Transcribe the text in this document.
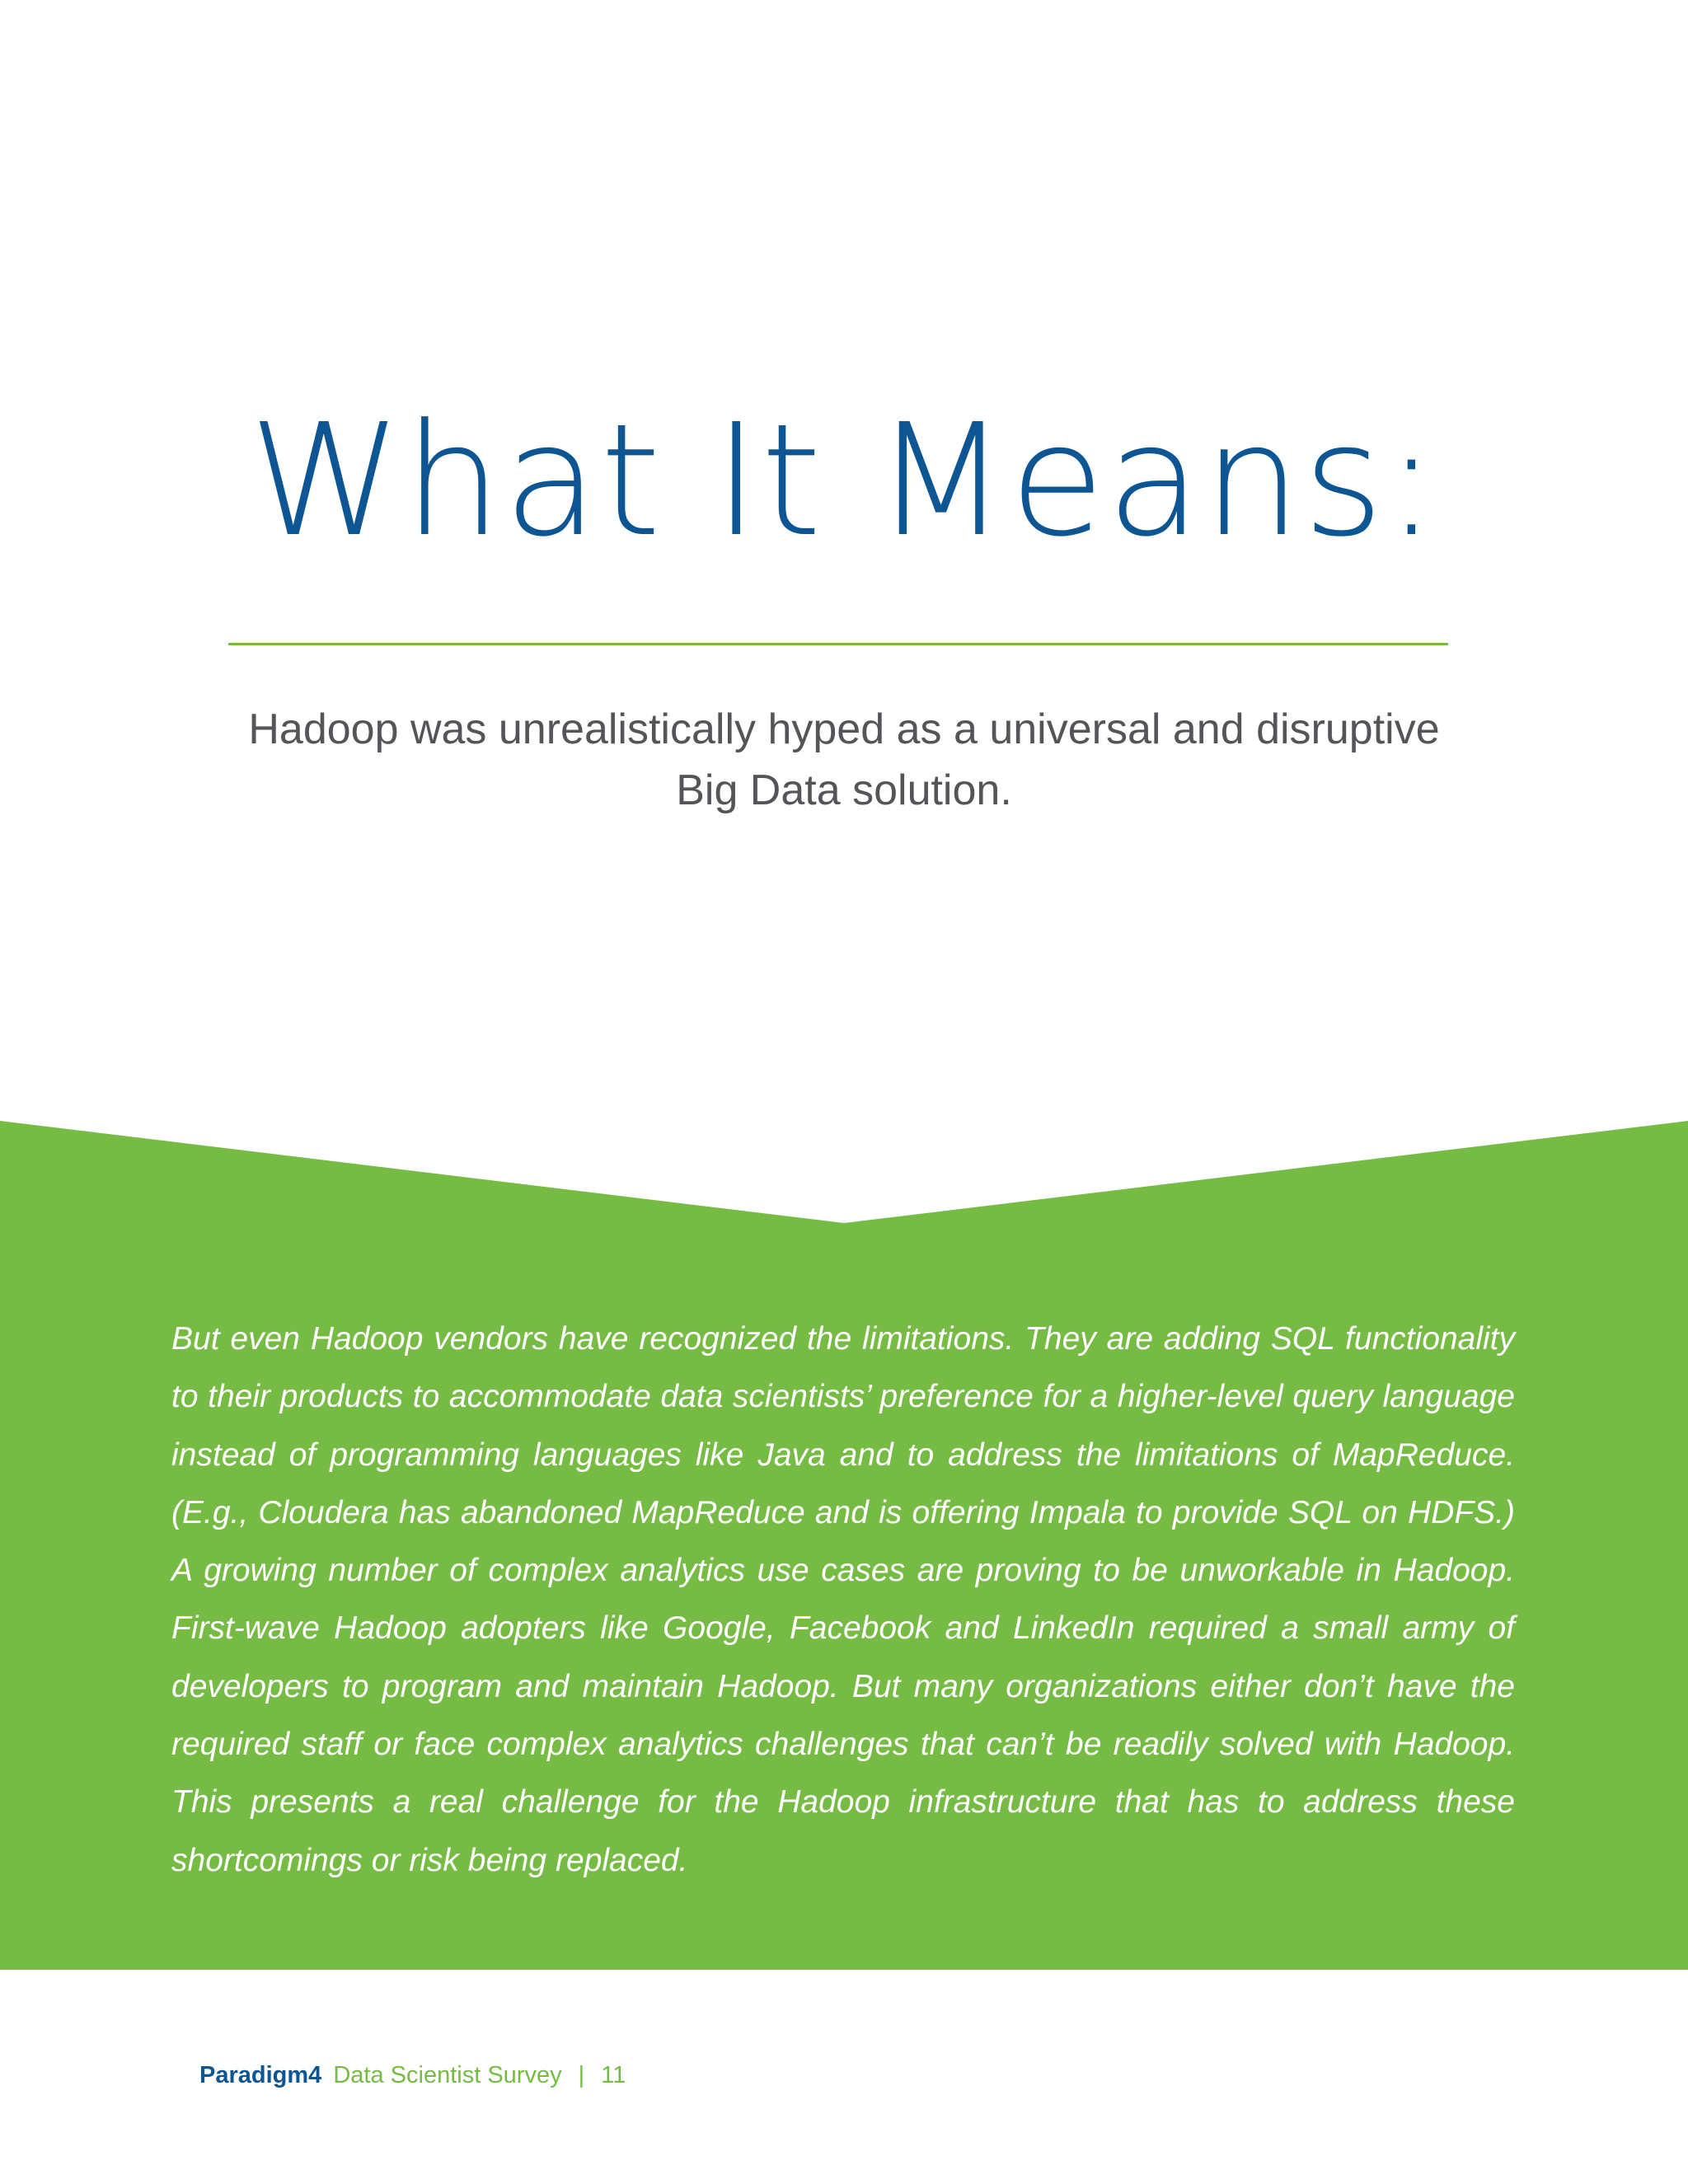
What It Means:

Hadoop was unrealistically hyped as a universal and disruptive Big Data solution.

But even Hadoop vendors have recognized the limitations. They are adding SQL functionality to their products to accommodate data scientists’ preference for a higher-level query language instead of programming languages like Java and to address the limitations of MapReduce. (E.g., Cloudera has abandoned MapReduce and is offering Impala to provide SQL on HDFS.) A growing number of complex analytics use cases are proving to be unworkable in Hadoop. First-wave Hadoop adopters like Google, Facebook and LinkedIn required a small army of developers to program and maintain Hadoop. But many organizations either don’t have the required staff or face complex analytics challenges that can’t be readily solved with Hadoop. This presents a real challenge for the Hadoop infrastructure that has to address these shortcomings or risk being replaced.

Paradigm4 Data Scientist Survey | 11
